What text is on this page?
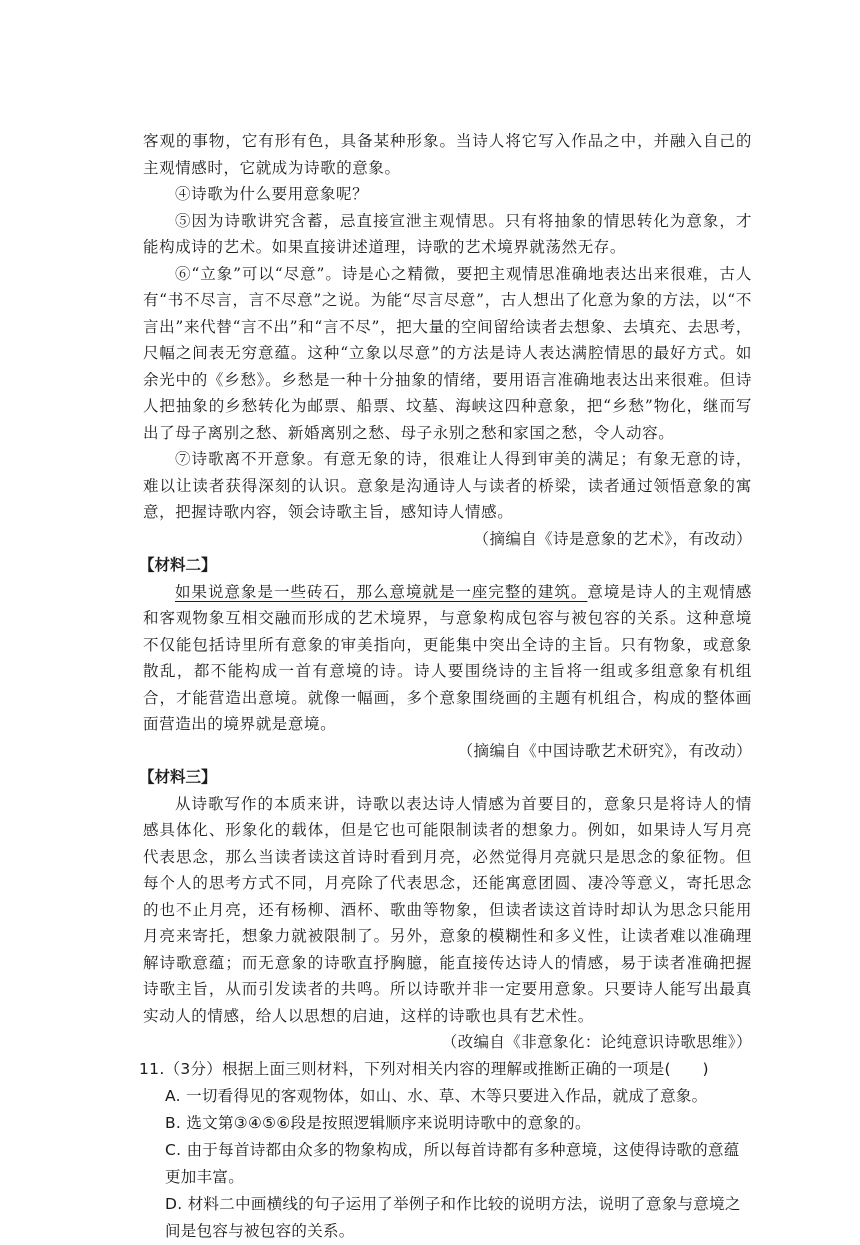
客观的事物，它有形有色，具备某种形象。当诗人将它写入作品之中，并融入自己的主观情感时，它就成为诗歌的意象。

④诗歌为什么要用意象呢？

⑤因为诗歌讲究含蓄，忌直接宣泄主观情思。只有将抽象的情思转化为意象，才能构成诗的艺术。如果直接讲述道理，诗歌的艺术境界就荡然无存。

⑥“立象”可以“尽意”。诗是心之精微，要把主观情思准确地表达出来很难，古人有“书不尽言，言不尽意”之说。为能“尽言尽意”，古人想出了化意为象的方法，以“不言出”来代替“言不出”和“言不尽”，把大量的空间留给读者去想象、去填充、去思考，尺幅之间表无穷意蕴。这种“立象以尽意”的方法是诗人表达满腔情思的最好方式。如余光中的《乡愁》。乡愁是一种十分抽象的情绪，要用语言准确地表达出来很难。但诗人把抽象的乡愁转化为邮票、船票、坟墓、海峡这四种意象，把“乡愁”物化，继而写出了母子离别之愁、新婚离别之愁、母子永别之愁和家国之愁，令人动容。

⑦诗歌离不开意象。有意无象的诗，很难让人得到审美的满足；有象无意的诗，难以让读者获得深刻的认识。意象是沟通诗人与读者的桥梁，读者通过领悟意象的寓意，把握诗歌内容，领会诗歌主旨，感知诗人情感。

（摘编自《诗是意象的艺术》，有改动）

【材料二】

如果说意象是一些砖石，那么意境就是一座完整的建筑。意境是诗人的主观情感和客观物象互相交融而形成的艺术境界，与意象构成包容与被包容的关系。这种意境不仅能包括诗里所有意象的审美指向，更能集中突出全诗的主旨。只有物象，或意象散乱，都不能构成一首有意境的诗。诗人要围绕诗的主旨将一组或多组意象有机组合，才能营造出意境。就像一幅画，多个意象围绕画的主题有机组合，构成的整体画面营造出的境界就是意境。

（摘编自《中国诗歌艺术研究》，有改动）

【材料三】

从诗歌写作的本质来讲，诗歌以表达诗人情感为首要目的，意象只是将诗人的情感具体化、形象化的载体，但是它也可能限制读者的想象力。例如，如果诗人写月亮代表思念，那么当读者读这首诗时看到月亮，必然觉得月亮就只是思念的象征物。但每个人的思考方式不同，月亮除了代表思念，还能寓意团圆、凄冷等意义，寄托思念的也不止月亮，还有杨柳、酒杯、歌曲等物象，但读者读这首诗时却认为思念只能用月亮来寄托，想象力就被限制了。另外，意象的模糊性和多义性，让读者难以准确理解诗歌意蕴；而无意象的诗歌直抒胸臆，能直接传达诗人的情感，易于读者准确把握诗歌主旨，从而引发读者的共鸣。所以诗歌并非一定要用意象。只要诗人能写出最真实动人的情感，给人以思想的启迪，这样的诗歌也具有艺术性。

（改编自《非意象化：论纯意识诗歌思维》）

11.（3分）根据上面三则材料，下列对相关内容的理解或推断正确的一项是(　　)

A. 一切看得见的客观物体，如山、水、草、木等只要进入作品，就成了意象。

B. 选文第③④⑤⑥段是按照逻辑顺序来说明诗歌中的意象的。

C. 由于每首诗都由众多的物象构成，所以每首诗都有多种意境，这使得诗歌的意蕴更加丰富。

D. 材料二中画横线的句子运用了举例子和作比较的说明方法，说明了意象与意境之间是包容与被包容的关系。
